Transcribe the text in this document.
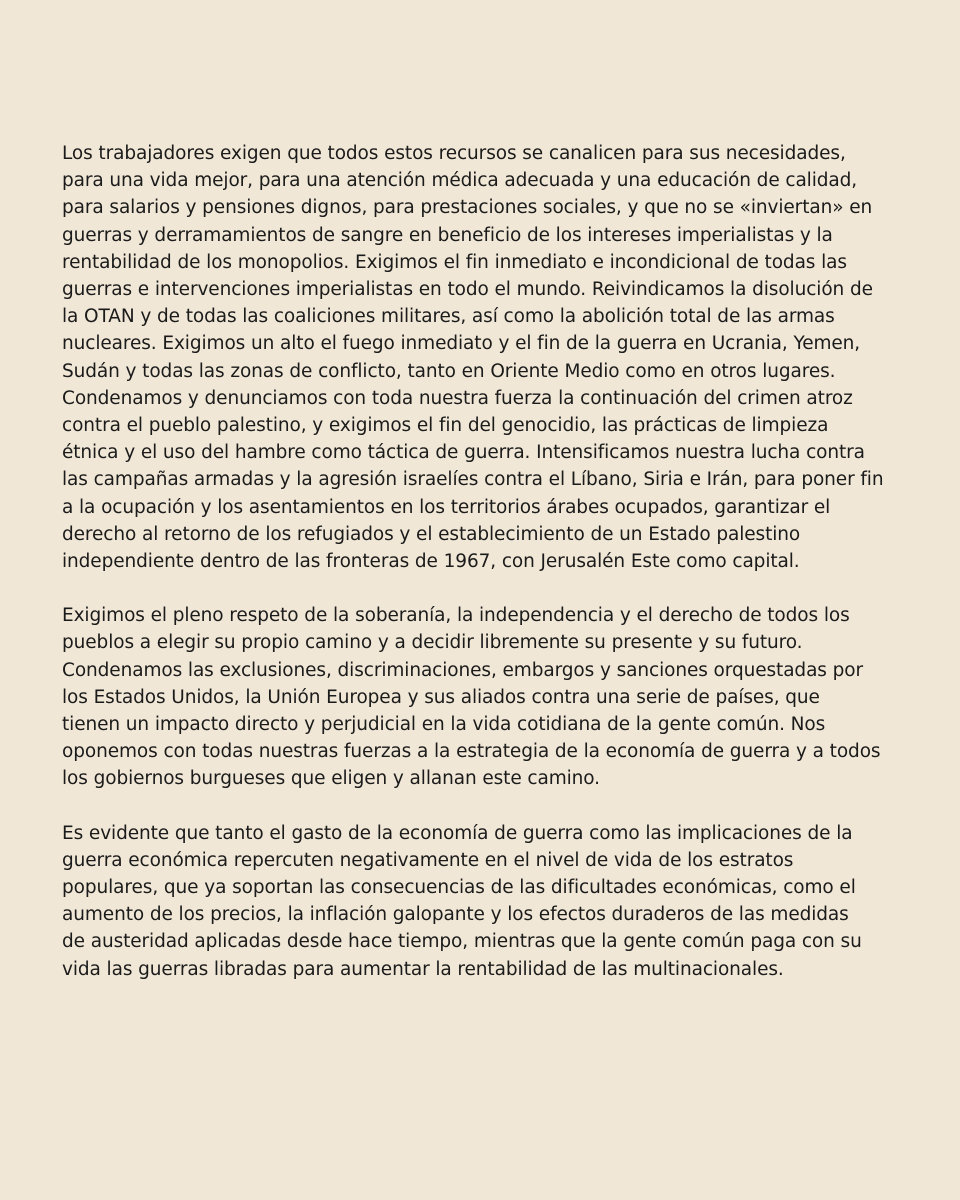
Los trabajadores exigen que todos estos recursos se canalicen para sus necesidades,
para una vida mejor, para una atención médica adecuada y una educación de calidad,
para salarios y pensiones dignos, para prestaciones sociales, y que no se «inviertan» en
guerras y derramamientos de sangre en beneficio de los intereses imperialistas y la
rentabilidad de los monopolios. Exigimos el fin inmediato e incondicional de todas las
guerras e intervenciones imperialistas en todo el mundo. Reivindicamos la disolución de
la OTAN y de todas las coaliciones militares, así como la abolición total de las armas
nucleares. Exigimos un alto el fuego inmediato y el fin de la guerra en Ucrania, Yemen,
Sudán y todas las zonas de conflicto, tanto en Oriente Medio como en otros lugares.
Condenamos y denunciamos con toda nuestra fuerza la continuación del crimen atroz
contra el pueblo palestino, y exigimos el fin del genocidio, las prácticas de limpieza
étnica y el uso del hambre como táctica de guerra. Intensificamos nuestra lucha contra
las campañas armadas y la agresión israelíes contra el Líbano, Siria e Irán, para poner fin
a la ocupación y los asentamientos en los territorios árabes ocupados, garantizar el
derecho al retorno de los refugiados y el establecimiento de un Estado palestino
independiente dentro de las fronteras de 1967, con Jerusalén Este como capital.

Exigimos el pleno respeto de la soberanía, la independencia y el derecho de todos los
pueblos a elegir su propio camino y a decidir libremente su presente y su futuro.
Condenamos las exclusiones, discriminaciones, embargos y sanciones orquestadas por
los Estados Unidos, la Unión Europea y sus aliados contra una serie de países, que
tienen un impacto directo y perjudicial en la vida cotidiana de la gente común. Nos
oponemos con todas nuestras fuerzas a la estrategia de la economía de guerra y a todos
los gobiernos burgueses que eligen y allanan este camino.

Es evidente que tanto el gasto de la economía de guerra como las implicaciones de la
guerra económica repercuten negativamente en el nivel de vida de los estratos
populares, que ya soportan las consecuencias de las dificultades económicas, como el
aumento de los precios, la inflación galopante y los efectos duraderos de las medidas
de austeridad aplicadas desde hace tiempo, mientras que la gente común paga con su
vida las guerras libradas para aumentar la rentabilidad de las multinacionales.
